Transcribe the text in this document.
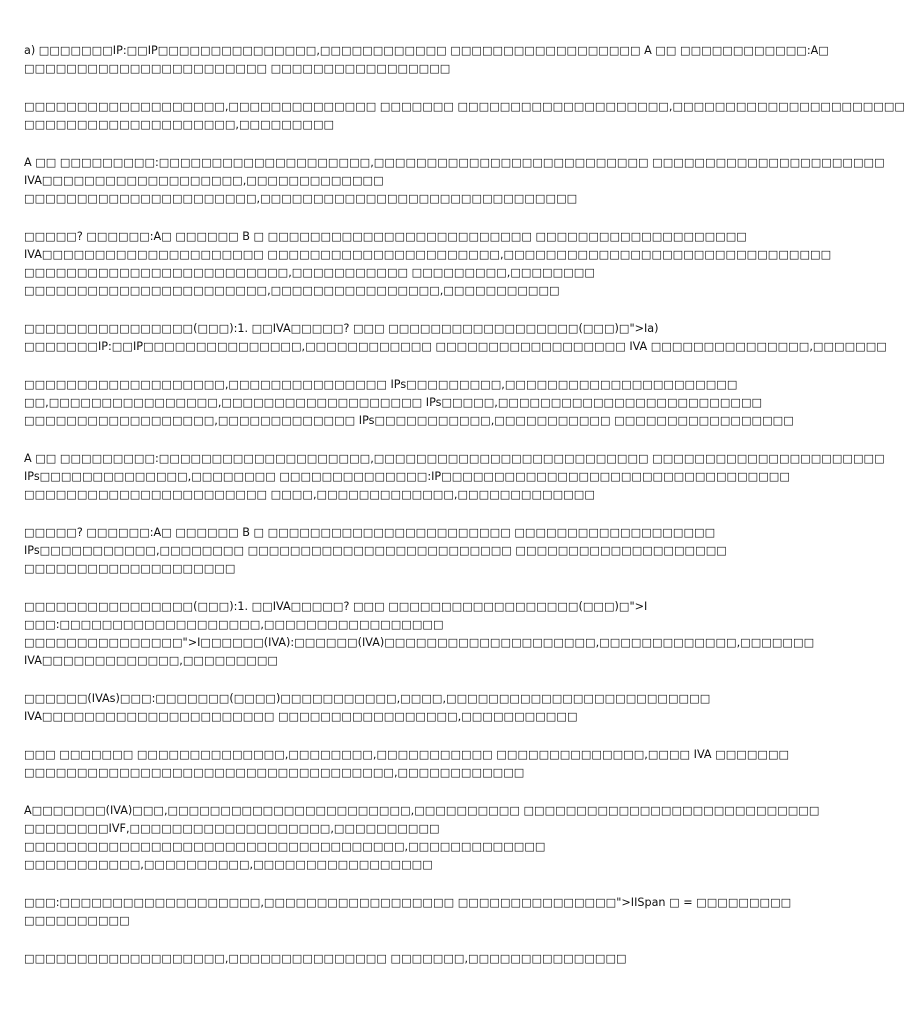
a) □□□□□□□IP:□□IP□□□□□□□□□□□□□□□,□□□□□□□□□□□□ □□□□□□□□□□□□□□□□□□ A □□ □□□□□□□□□□□□:A□
□□□□□□□□□□□□□□□□□□□□□□□ □□□□□□□□□□□□□□□□□

□□□□□□□□□□□□□□□□□□□,□□□□□□□□□□□□□□ □□□□□□□ □□□□□□□□□□□□□□□□□□□□,□□□□□□□□□□□□□□□□□□□□□□
□□□□□□□□□□□□□□□□□□□□,□□□□□□□□□

A □□ □□□□□□□□□:□□□□□□□□□□□□□□□□□□□□,□□□□□□□□□□□□□□□□□□□□□□□□□□ □□□□□□□□□□□□□□□□□□□□□□
IVA□□□□□□□□□□□□□□□□□□□,□□□□□□□□□□□□□
□□□□□□□□□□□□□□□□□□□□□□,□□□□□□□□□□□□□□□□□□□□□□□□□□□□□□

□□□□□? □□□□□□:A□ □□□□□□ B □ □□□□□□□□□□□□□□□□□□□□□□□□□ □□□□□□□□□□□□□□□□□□□□
IVA□□□□□□□□□□□□□□□□□□□□□ □□□□□□□□□□□□□□□□□□□□□□,□□□□□□□□□□□□□□□□□□□□□□□□□□□□□□□
□□□□□□□□□□□□□□□□□□□□□□□□□,□□□□□□□□□□□ □□□□□□□□□,□□□□□□□□
□□□□□□□□□□□□□□□□□□□□□□□,□□□□□□□□□□□□□□□□,□□□□□□□□□□□

□□□□□□□□□□□□□□□□(□□□):1. □□IVA□□□□□? □□□ □□□□□□□□□□□□□□□□□□(□□□)□">Ia)
□□□□□□□IP:□□IP□□□□□□□□□□□□□□□,□□□□□□□□□□□□ □□□□□□□□□□□□□□□□□□ IVA □□□□□□□□□□□□□□□,□□□□□□□

□□□□□□□□□□□□□□□□□□□,□□□□□□□□□□□□□□□ IPs□□□□□□□□□,□□□□□□□□□□□□□□□□□□□□□□
□□,□□□□□□□□□□□□□□□□,□□□□□□□□□□□□□□□□□□□ IPs□□□□□,□□□□□□□□□□□□□□□□□□□□□□□□□
□□□□□□□□□□□□□□□□□□,□□□□□□□□□□□□□ IPs□□□□□□□□□□□,□□□□□□□□□□□ □□□□□□□□□□□□□□□□□

A □□ □□□□□□□□□:□□□□□□□□□□□□□□□□□□□□,□□□□□□□□□□□□□□□□□□□□□□□□□□ □□□□□□□□□□□□□□□□□□□□□□
IPs□□□□□□□□□□□□□□,□□□□□□□□ □□□□□□□□□□□□□□:IP□□□□□□□□□□□□□□□□□□□□□□□□□□□□□□□□□
□□□□□□□□□□□□□□□□□□□□□□□ □□□□,□□□□□□□□□□□□□,□□□□□□□□□□□□□

□□□□□? □□□□□□:A□ □□□□□□ B □ □□□□□□□□□□□□□□□□□□□□□□□ □□□□□□□□□□□□□□□□□□□
IPs□□□□□□□□□□□,□□□□□□□□ □□□□□□□□□□□□□□□□□□□□□□□□□ □□□□□□□□□□□□□□□□□□□□
□□□□□□□□□□□□□□□□□□□□

□□□□□□□□□□□□□□□□(□□□):1. □□IVA□□□□□? □□□ □□□□□□□□□□□□□□□□□□(□□□)□">I
□□□:□□□□□□□□□□□□□□□□□□□,□□□□□□□□□□□□□□□□□
□□□□□□□□□□□□□□□">I□□□□□□(IVA):□□□□□□(IVA)□□□□□□□□□□□□□□□□□□□□,□□□□□□□□□□□□□,□□□□□□□
IVA□□□□□□□□□□□□□,□□□□□□□□□

□□□□□□(IVAs)□□□:□□□□□□□(□□□□)□□□□□□□□□□□,□□□□,□□□□□□□□□□□□□□□□□□□□□□□□□
IVA□□□□□□□□□□□□□□□□□□□□□□ □□□□□□□□□□□□□□□□□,□□□□□□□□□□□

□□□ □□□□□□□ □□□□□□□□□□□□□□,□□□□□□□□,□□□□□□□□□□□ □□□□□□□□□□□□□□,□□□□ IVA □□□□□□□
□□□□□□□□□□□□□□□□□□□□□□□□□□□□□□□□□□□,□□□□□□□□□□□□

A□□□□□□□(IVA)□□□,□□□□□□□□□□□□□□□□□□□□□□□,□□□□□□□□□□ □□□□□□□□□□□□□□□□□□□□□□□□□□□□
□□□□□□□□IVF,□□□□□□□□□□□□□□□□□□□,□□□□□□□□□□
□□□□□□□□□□□□□□□□□□□□□□□□□□□□□□□□□□□□,□□□□□□□□□□□□□
□□□□□□□□□□□,□□□□□□□□□□,□□□□□□□□□□□□□□□□□

□□□:□□□□□□□□□□□□□□□□□□□,□□□□□□□□□□□□□□□□□□ □□□□□□□□□□□□□□□">IISpan □ = □□□□□□□□□
□□□□□□□□□□

□□□□□□□□□□□□□□□□□□□,□□□□□□□□□□□□□□□ □□□□□□□,□□□□□□□□□□□□□□□
